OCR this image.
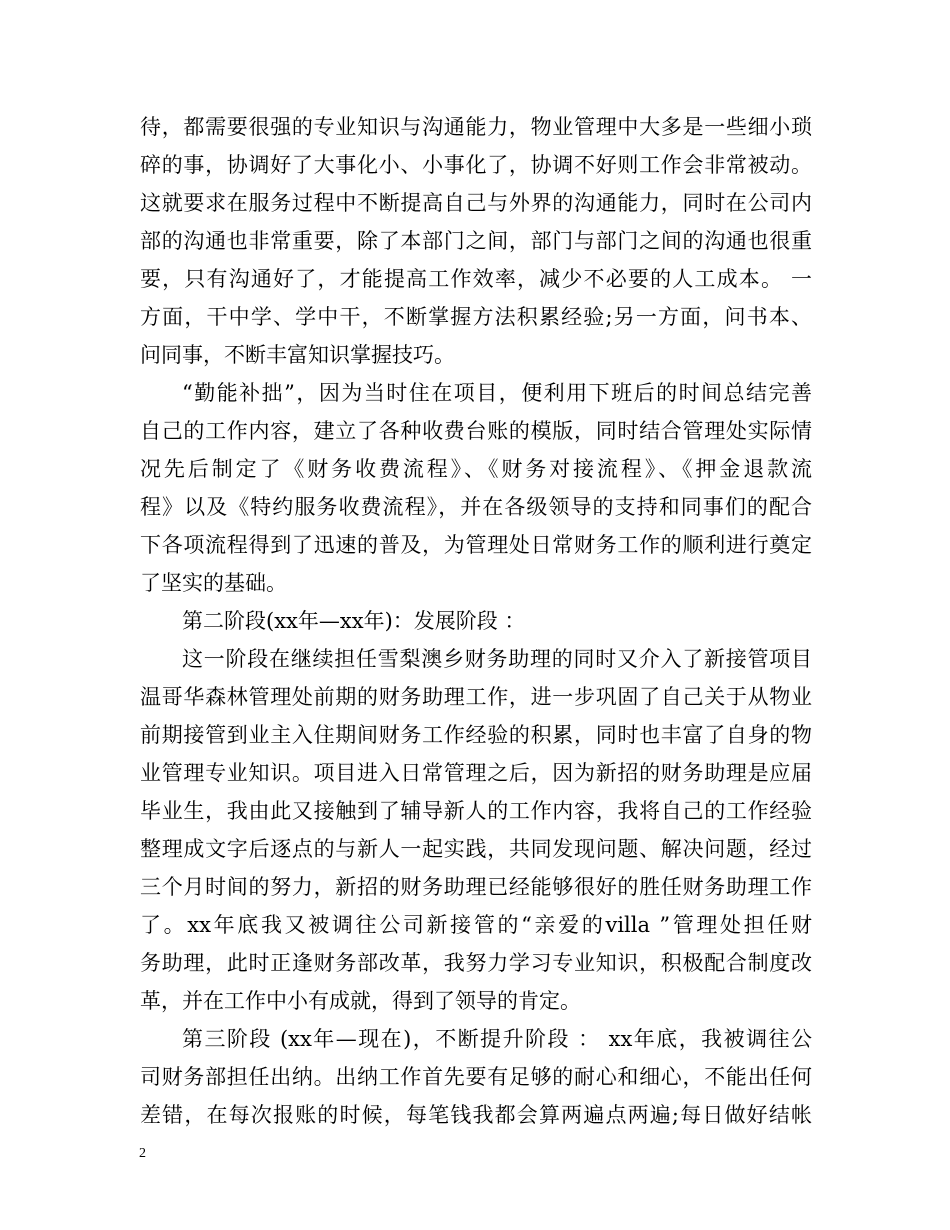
待，都需要很强的专业知识与沟通能力，物业管理中大多是一些细小琐
碎的事，协调好了大事化小、小事化了，协调不好则工作会非常被动。
这就要求在服务过程中不断提高自己与外界的沟通能力，同时在公司内
部的沟通也非常重要，除了本部门之间，部门与部门之间的沟通也很重
要，只有沟通好了，才能提高工作效率，减少不必要的人工成本。 一
方面，干中学、学中干，不断掌握方法积累经验;另一方面，问书本、
问同事，不断丰富知识掌握技巧。
“勤能补拙”，因为当时住在项目，便利用下班后的时间总结完善
自己的工作内容，建立了各种收费台账的模版，同时结合管理处实际情
况先后制定了《财务收费流程》、《财务对接流程》、《押金退款流
程》以及《特约服务收费流程》，并在各级领导的支持和同事们的配合
下各项流程得到了迅速的普及，为管理处日常财务工作的顺利进行奠定
了坚实的基础。
第二阶段(xx年—xx年)：发展阶段 ：
这一阶段在继续担任雪梨澳乡财务助理的同时又介入了新接管项目
温哥华森林管理处前期的财务助理工作，进一步巩固了自己关于从物业
前期接管到业主入住期间财务工作经验的积累，同时也丰富了自身的物
业管理专业知识。项目进入日常管理之后，因为新招的财务助理是应届
毕业生，我由此又接触到了辅导新人的工作内容，我将自己的工作经验
整理成文字后逐点的与新人一起实践，共同发现问题、解决问题，经过
三个月时间的努力，新招的财务助理已经能够很好的胜任财务助理工作
了。xx年底我又被调往公司新接管的“亲爱的villa ”管理处担任财
务助理，此时正逢财务部改革，我努力学习专业知识，积极配合制度改
革，并在工作中小有成就，得到了领导的肯定。
第三阶段 (xx年—现在)，不断提升阶段 ： xx年底，我被调往公
司财务部担任出纳。出纳工作首先要有足够的耐心和细心，不能出任何
差错，在每次报账的时候，每笔钱我都会算两遍点两遍;每日做好结帐
2
